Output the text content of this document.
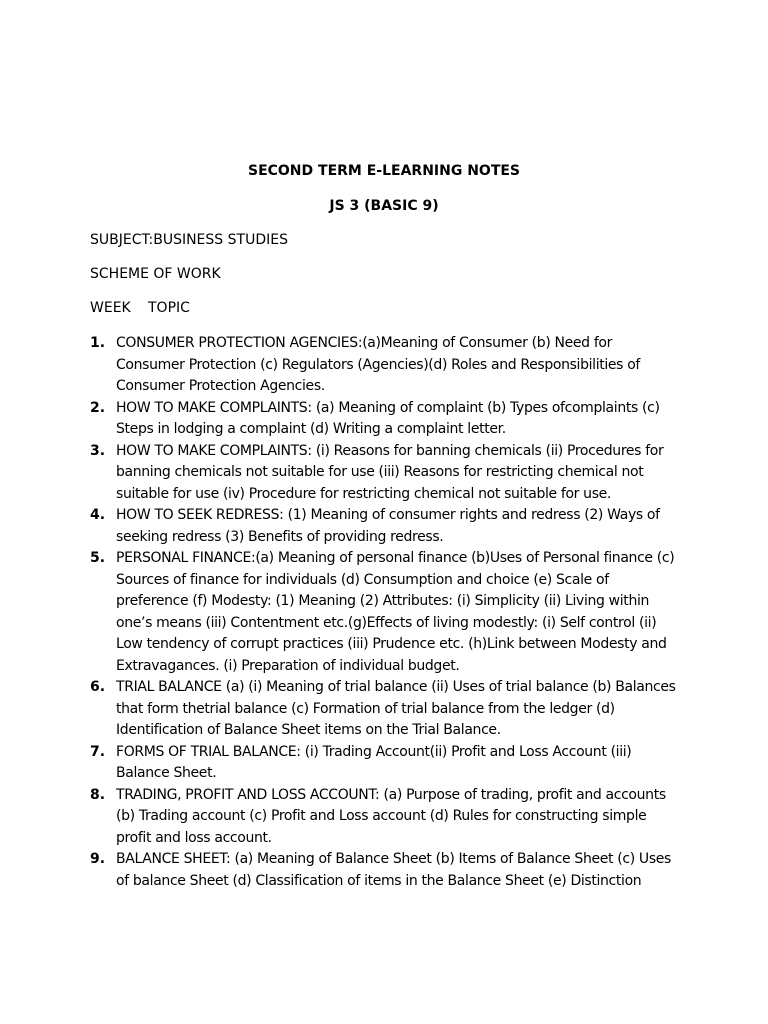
SECOND TERM E-LEARNING NOTES
JS 3 (BASIC 9)
SUBJECT:BUSINESS STUDIES
SCHEME OF WORK
WEEK TOPIC
1. CONSUMER PROTECTION AGENCIES:(a)Meaning of Consumer (b) Need for Consumer Protection (c) Regulators (Agencies)(d) Roles and Responsibilities of Consumer Protection Agencies.
2. HOW TO MAKE COMPLAINTS: (a) Meaning of complaint (b) Types ofcomplaints (c) Steps in lodging a complaint (d) Writing a complaint letter.
3. HOW TO MAKE COMPLAINTS: (i) Reasons for banning chemicals (ii) Procedures for banning chemicals not suitable for use (iii) Reasons for restricting chemical not suitable for use (iv) Procedure for restricting chemical not suitable for use.
4. HOW TO SEEK REDRESS: (1) Meaning of consumer rights and redress (2) Ways of seeking redress (3) Benefits of providing redress.
5. PERSONAL FINANCE:(a) Meaning of personal finance (b)Uses of Personal finance (c) Sources of finance for individuals (d) Consumption and choice (e) Scale of preference (f) Modesty: (1) Meaning (2) Attributes: (i) Simplicity (ii) Living within one’s means (iii) Contentment etc.(g)Effects of living modestly: (i) Self control (ii) Low tendency of corrupt practices (iii) Prudence etc. (h)Link between Modesty and Extravagances. (i) Preparation of individual budget.
6. TRIAL BALANCE (a) (i) Meaning of trial balance (ii) Uses of trial balance (b) Balances that form thetrial balance (c) Formation of trial balance from the ledger (d) Identification of Balance Sheet items on the Trial Balance.
7. FORMS OF TRIAL BALANCE: (i) Trading Account(ii) Profit and Loss Account (iii) Balance Sheet.
8. TRADING, PROFIT AND LOSS ACCOUNT: (a) Purpose of trading, profit and accounts (b) Trading account (c) Profit and Loss account (d) Rules for constructing simple profit and loss account.
9. BALANCE SHEET: (a) Meaning of Balance Sheet (b) Items of Balance Sheet (c) Uses of balance Sheet (d) Classification of items in the Balance Sheet (e) Distinction
